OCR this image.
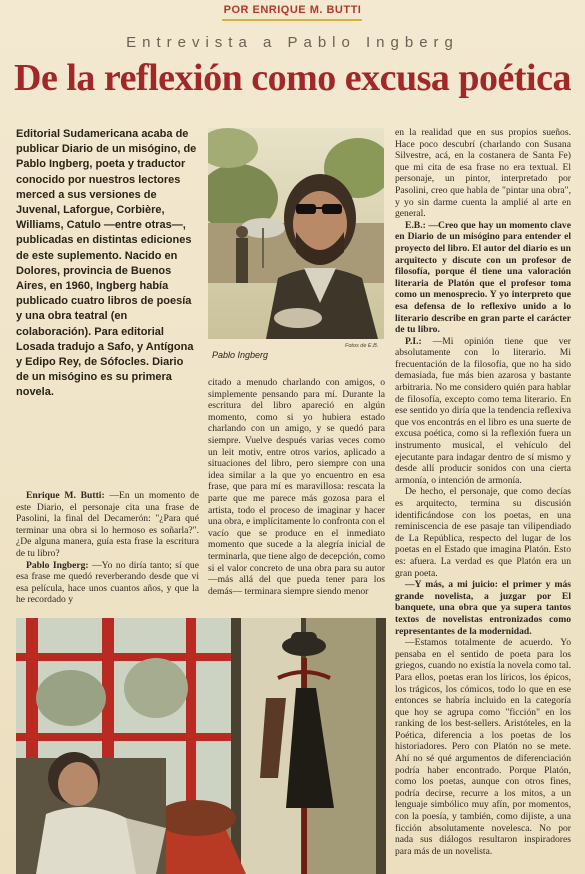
POR ENRIQUE M. BUTTI
Entrevista a Pablo Ingberg
De la reflexión como excusa poética
Editorial Sudamericana acaba de publicar Diario de un misógino, de Pablo Ingberg, poeta y traductor conocido por nuestros lectores merced a sus versiones de Juvenal, Laforgue, Corbière, Williams, Catulo —entre otras—, publicadas en distintas ediciones de este suplemento. Nacido en Dolores, provincia de Buenos Aires, en 1960, Ingberg había publicado cuatro libros de poesía y una obra teatral (en colaboración). Para editorial Losada tradujo a Safo, y Antígona y Edipo Rey, de Sófocles. Diario de un misógino es su primera novela.

Enrique M. Butti: —En un momento de este Diario, el personaje cita una frase de Pasolini, la final del Decamerón: "¿Para qué terminar una obra si lo hermoso es soñarla?". ¿De alguna manera, guía esta frase la escritura de tu libro?

Pablo Ingberg: —Yo no diría tanto; sí que esa frase me quedó reverberando desde que vi esa película, hace unos cuantos años, y que la he recordado y

Pablo Ingberg
Fotos de E.B.

citado a menudo charlando con amigos, o simplemente pensando para mí. Durante la escritura del libro apareció en algún momento, como si yo hubiera estado charlando con un amigo, y se quedó para siempre. Vuelve después varias veces como un leit motiv, entre otros varios, aplicado a situaciones del libro, pero siempre con una idea similar a la que yo encuentro en esa frase, que para mí es maravillosa: rescata la parte que me parece más gozosa para el artista, todo el proceso de imaginar y hacer una obra, e implícitamente lo confronta con el vacío que se produce en el inmediato momento que sucede a la alegría inicial de terminarla, que tiene algo de decepción, como si el valor concreto de una obra para su autor —más allá del que pueda tener para los demás— terminara siempre siendo menor

en la realidad que en sus propios sueños. Hace poco descubrí (charlando con Susana Silvestre, acá, en la costanera de Santa Fe) que mi cita de esa frase no era textual. El personaje, un pintor, interpretado por Pasolini, creo que habla de "pintar una obra", y yo sin darme cuenta la amplié al arte en general.

E.B.: —Creo que hay un momento clave en Diario de un misógino para entender el proyecto del libro. El autor del diario es un arquitecto y discute con un profesor de filosofía, porque él tiene una valoración literaria de Platón que el profesor toma como un menosprecio. Y yo interpreto que esa defensa de lo reflexivo unido a lo literario describe en gran parte el carácter de tu libro.

P.I.: —Mi opinión tiene que ver absolutamente con lo literario. Mi frecuentación de la filosofía, que no ha sido demasiada, fue más bien azarosa y bastante arbitraria. No me considero quién para hablar de filosofía, excepto como tema literario. En ese sentido yo diría que la tendencia reflexiva que vos encontrás en el libro es una suerte de excusa poética, como si la reflexión fuera un instrumento musical, el vehículo del ejecutante para indagar dentro de sí mismo y desde allí producir sonidos con una cierta armonía, o intención de armonía.

De hecho, el personaje, que como decías es arquitecto, termina su discusión identificándose con los poetas, en una reminiscencia de ese pasaje tan vilipendiado de La República, respecto del lugar de los poetas en el Estado que imagina Platón. Esto es: afuera. La verdad es que Platón era un gran poeta.

—Y más, a mi juicio: el primer y más grande novelista, a juzgar por El banquete, una obra que ya supera tantos textos de novelistas entronizados como representantes de la modernidad.

—Estamos totalmente de acuerdo. Yo pensaba en el sentido de poeta para los griegos, cuando no existía la novela como tal. Para ellos, poetas eran los líricos, los épicos, los trágicos, los cómicos, todo lo que en ese entonces se habría incluido en la categoría que hoy se agrupa como "ficción" en los ranking de los best-sellers. Aristóteles, en la Poética, diferencia a los poetas de los historiadores. Pero con Platón no se mete. Ahí no sé qué argumentos de diferenciación podría haber encontrado. Porque Platón, como los poetas, aunque con otros fines, podría decirse, recurre a los mitos, a un lenguaje simbólico muy afín, por momentos, con la poesía, y también, como dijiste, a una ficción absolutamente novelesca. No por nada sus diálogos resultaron inspiradores para más de un novelista.
